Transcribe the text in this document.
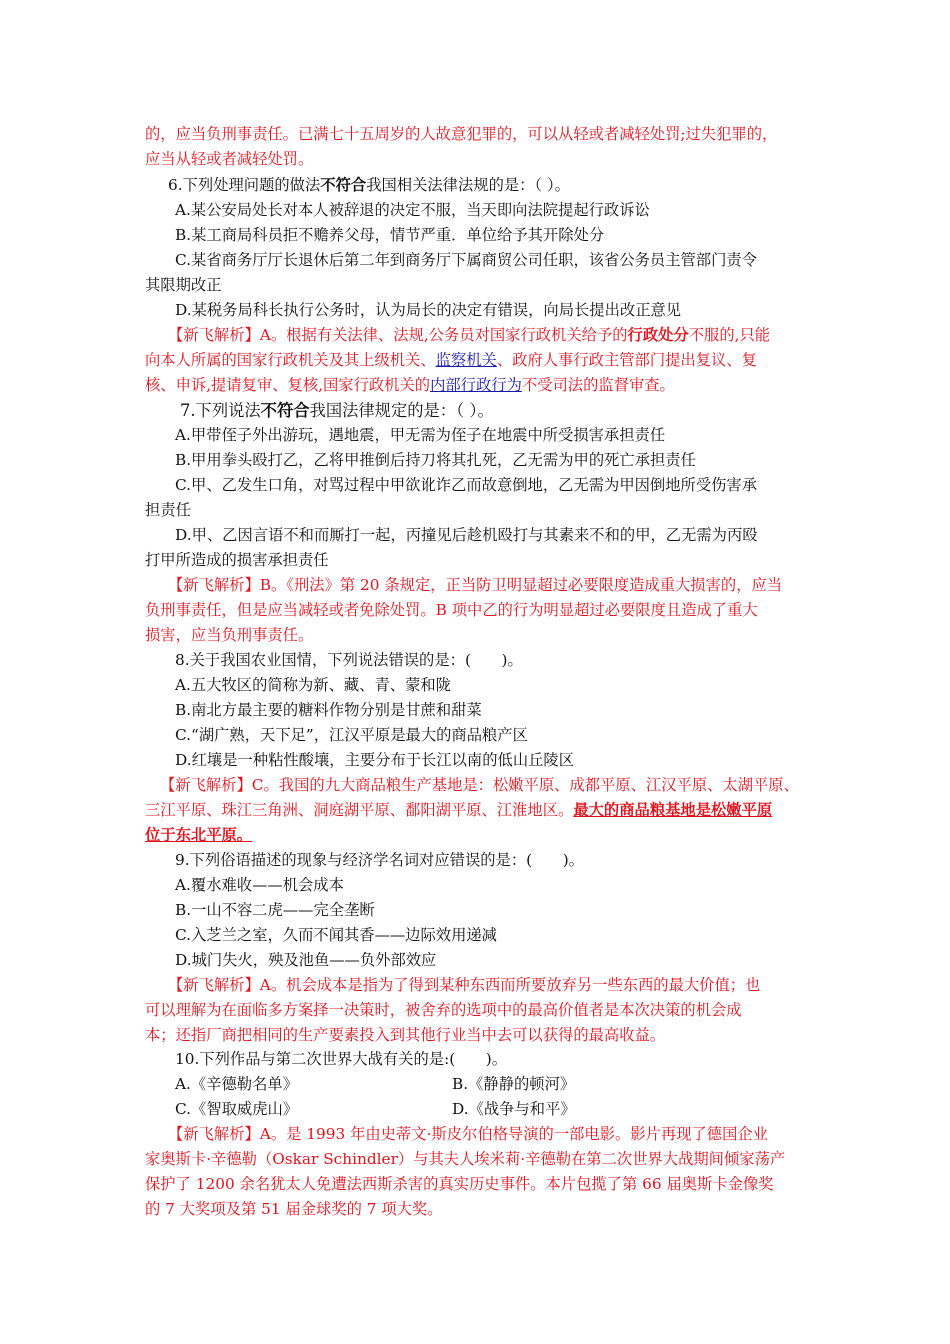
的，应当负刑事责任。已满七十五周岁的人故意犯罪的，可以从轻或者减轻处罚;过失犯罪的，
应当从轻或者减轻处罚。
6.下列处理问题的做法不符合我国相关法律法规的是：（ ）。
A.某公安局处长对本人被辞退的决定不服，当天即向法院提起行政诉讼
B.某工商局科员拒不赡养父母，情节严重．单位给予其开除处分
C.某省商务厅厅长退休后第二年到商务厅下属商贸公司任职，该省公务员主管部门责令
其限期改正
D.某税务局科长执行公务时，认为局长的决定有错误，向局长提出改正意见
【新飞解析】A。根据有关法律、法规,公务员对国家行政机关给予的行政处分不服的,只能
向本人所属的国家行政机关及其上级机关、监察机关、政府人事行政主管部门提出复议、复
核、申诉,提请复审、复核,国家行政机关的内部行政行为不受司法的监督审查。
7.下列说法不符合我国法律规定的是：（ ）。
A.甲带侄子外出游玩，遇地震，甲无需为侄子在地震中所受损害承担责任
B.甲用拳头殴打乙，乙将甲推倒后持刀将其扎死，乙无需为甲的死亡承担责任
C.甲、乙发生口角，对骂过程中甲欲讹诈乙而故意倒地，乙无需为甲因倒地所受伤害承
担责任
D.甲、乙因言语不和而厮打一起，丙撞见后趁机殴打与其素来不和的甲，乙无需为丙殴
打甲所造成的损害承担责任
【新飞解析】B。《刑法》第 20 条规定，正当防卫明显超过必要限度造成重大损害的，应当
负刑事责任，但是应当减轻或者免除处罚。B 项中乙的行为明显超过必要限度且造成了重大
损害，应当负刑事责任。
8.关于我国农业国情，下列说法错误的是：(　　)。
A.五大牧区的简称为新、藏、青、蒙和陇
B.南北方最主要的糖料作物分别是甘蔗和甜菜
C.“湖广熟，天下足”，江汉平原是最大的商品粮产区
D.红壤是一种粘性酸壤，主要分布于长江以南的低山丘陵区
【新飞解析】C。我国的九大商品粮生产基地是：松嫩平原、成都平原、江汉平原、太湖平原、
三江平原、珠江三角洲、洞庭湖平原、鄱阳湖平原、江淮地区。最大的商品粮基地是松嫩平原
位于东北平原。
9.下列俗语描述的现象与经济学名词对应错误的是：(　　)。
A.覆水难收——机会成本
B.一山不容二虎——完全垄断
C.入芝兰之室，久而不闻其香——边际效用递减
D.城门失火，殃及池鱼——负外部效应
【新飞解析】A。机会成本是指为了得到某种东西而所要放弃另一些东西的最大价值；也
可以理解为在面临多方案择一决策时，被舍弃的选项中的最高价值者是本次决策的机会成
本；还指厂商把相同的生产要素投入到其他行业当中去可以获得的最高收益。
10.下列作品与第二次世界大战有关的是:(　　)。
A.《辛德勒名单》	B.《静静的顿河》
C.《智取威虎山》	D.《战争与和平》
【新飞解析】A。是 1993 年由史蒂文·斯皮尔伯格导演的一部电影。影片再现了德国企业
家奥斯卡·辛德勒（Oskar Schindler）与其夫人埃米莉·辛德勒在第二次世界大战期间倾家荡产
保护了 1200 余名犹太人免遭法西斯杀害的真实历史事件。本片包揽了第 66 届奥斯卡金像奖
的 7 大奖项及第 51 届金球奖的 7 项大奖。
